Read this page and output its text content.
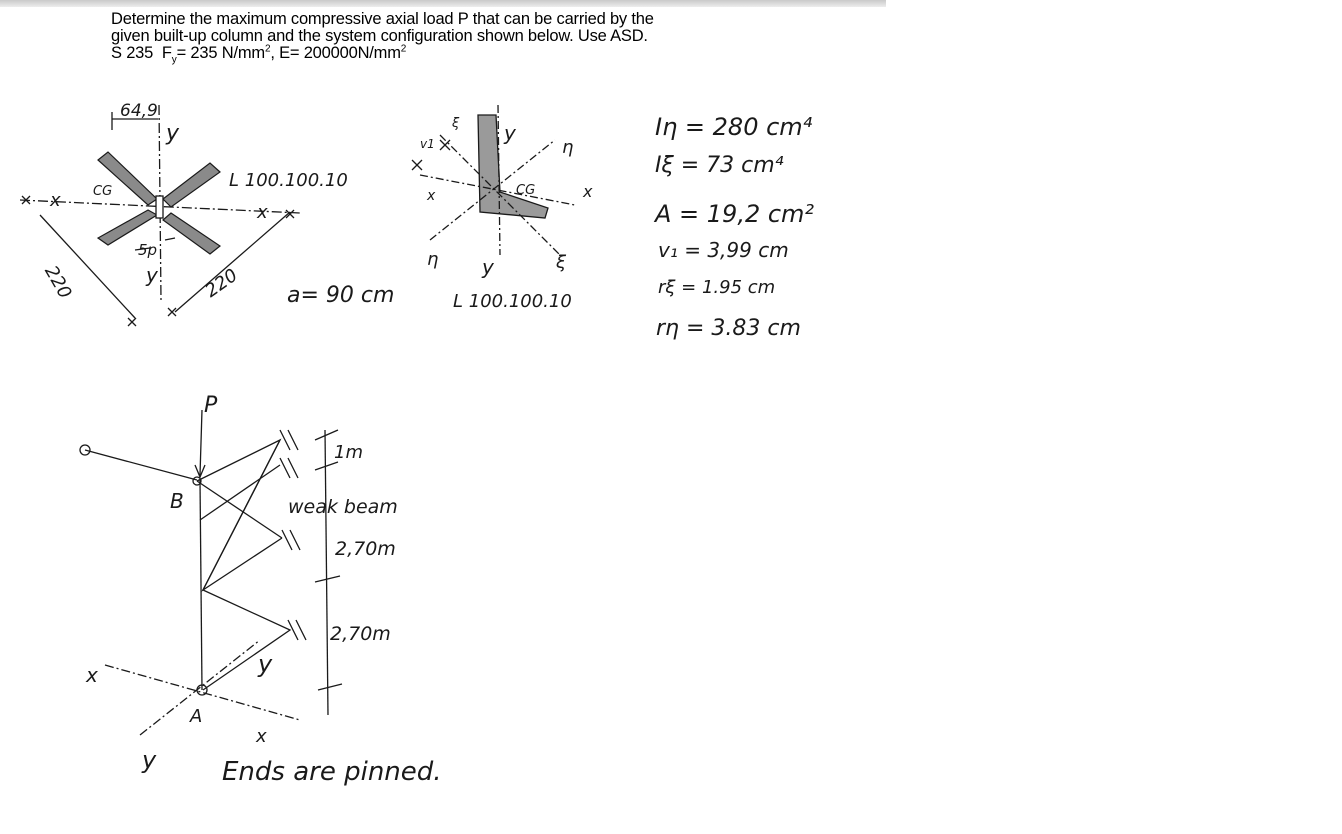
Determine the maximum compressive axial load P that can be carried by the

given built-up column and the system configuration shown below. Use ASD.

S 235 $F_y= 235$ $N/mm^2$, $E= 200000N/mm^2$

64,9
y
x CG
L 100.100.10
x
5p
y
220	220 a= 90 cm
ξ
v1	y
η
CG	x
x
η y	ξ
L 100.100.10
Iη = 280 cm⁴
Iξ = 73 cm⁴
A = 19,2 cm²
v₁ = 3,99 cm
rξ = 1.95 cm
rη = 3.83 cm
P
B
1m
weak beam
2,70m
2,70m
y
x
A
x
y	Ends are pinned.
